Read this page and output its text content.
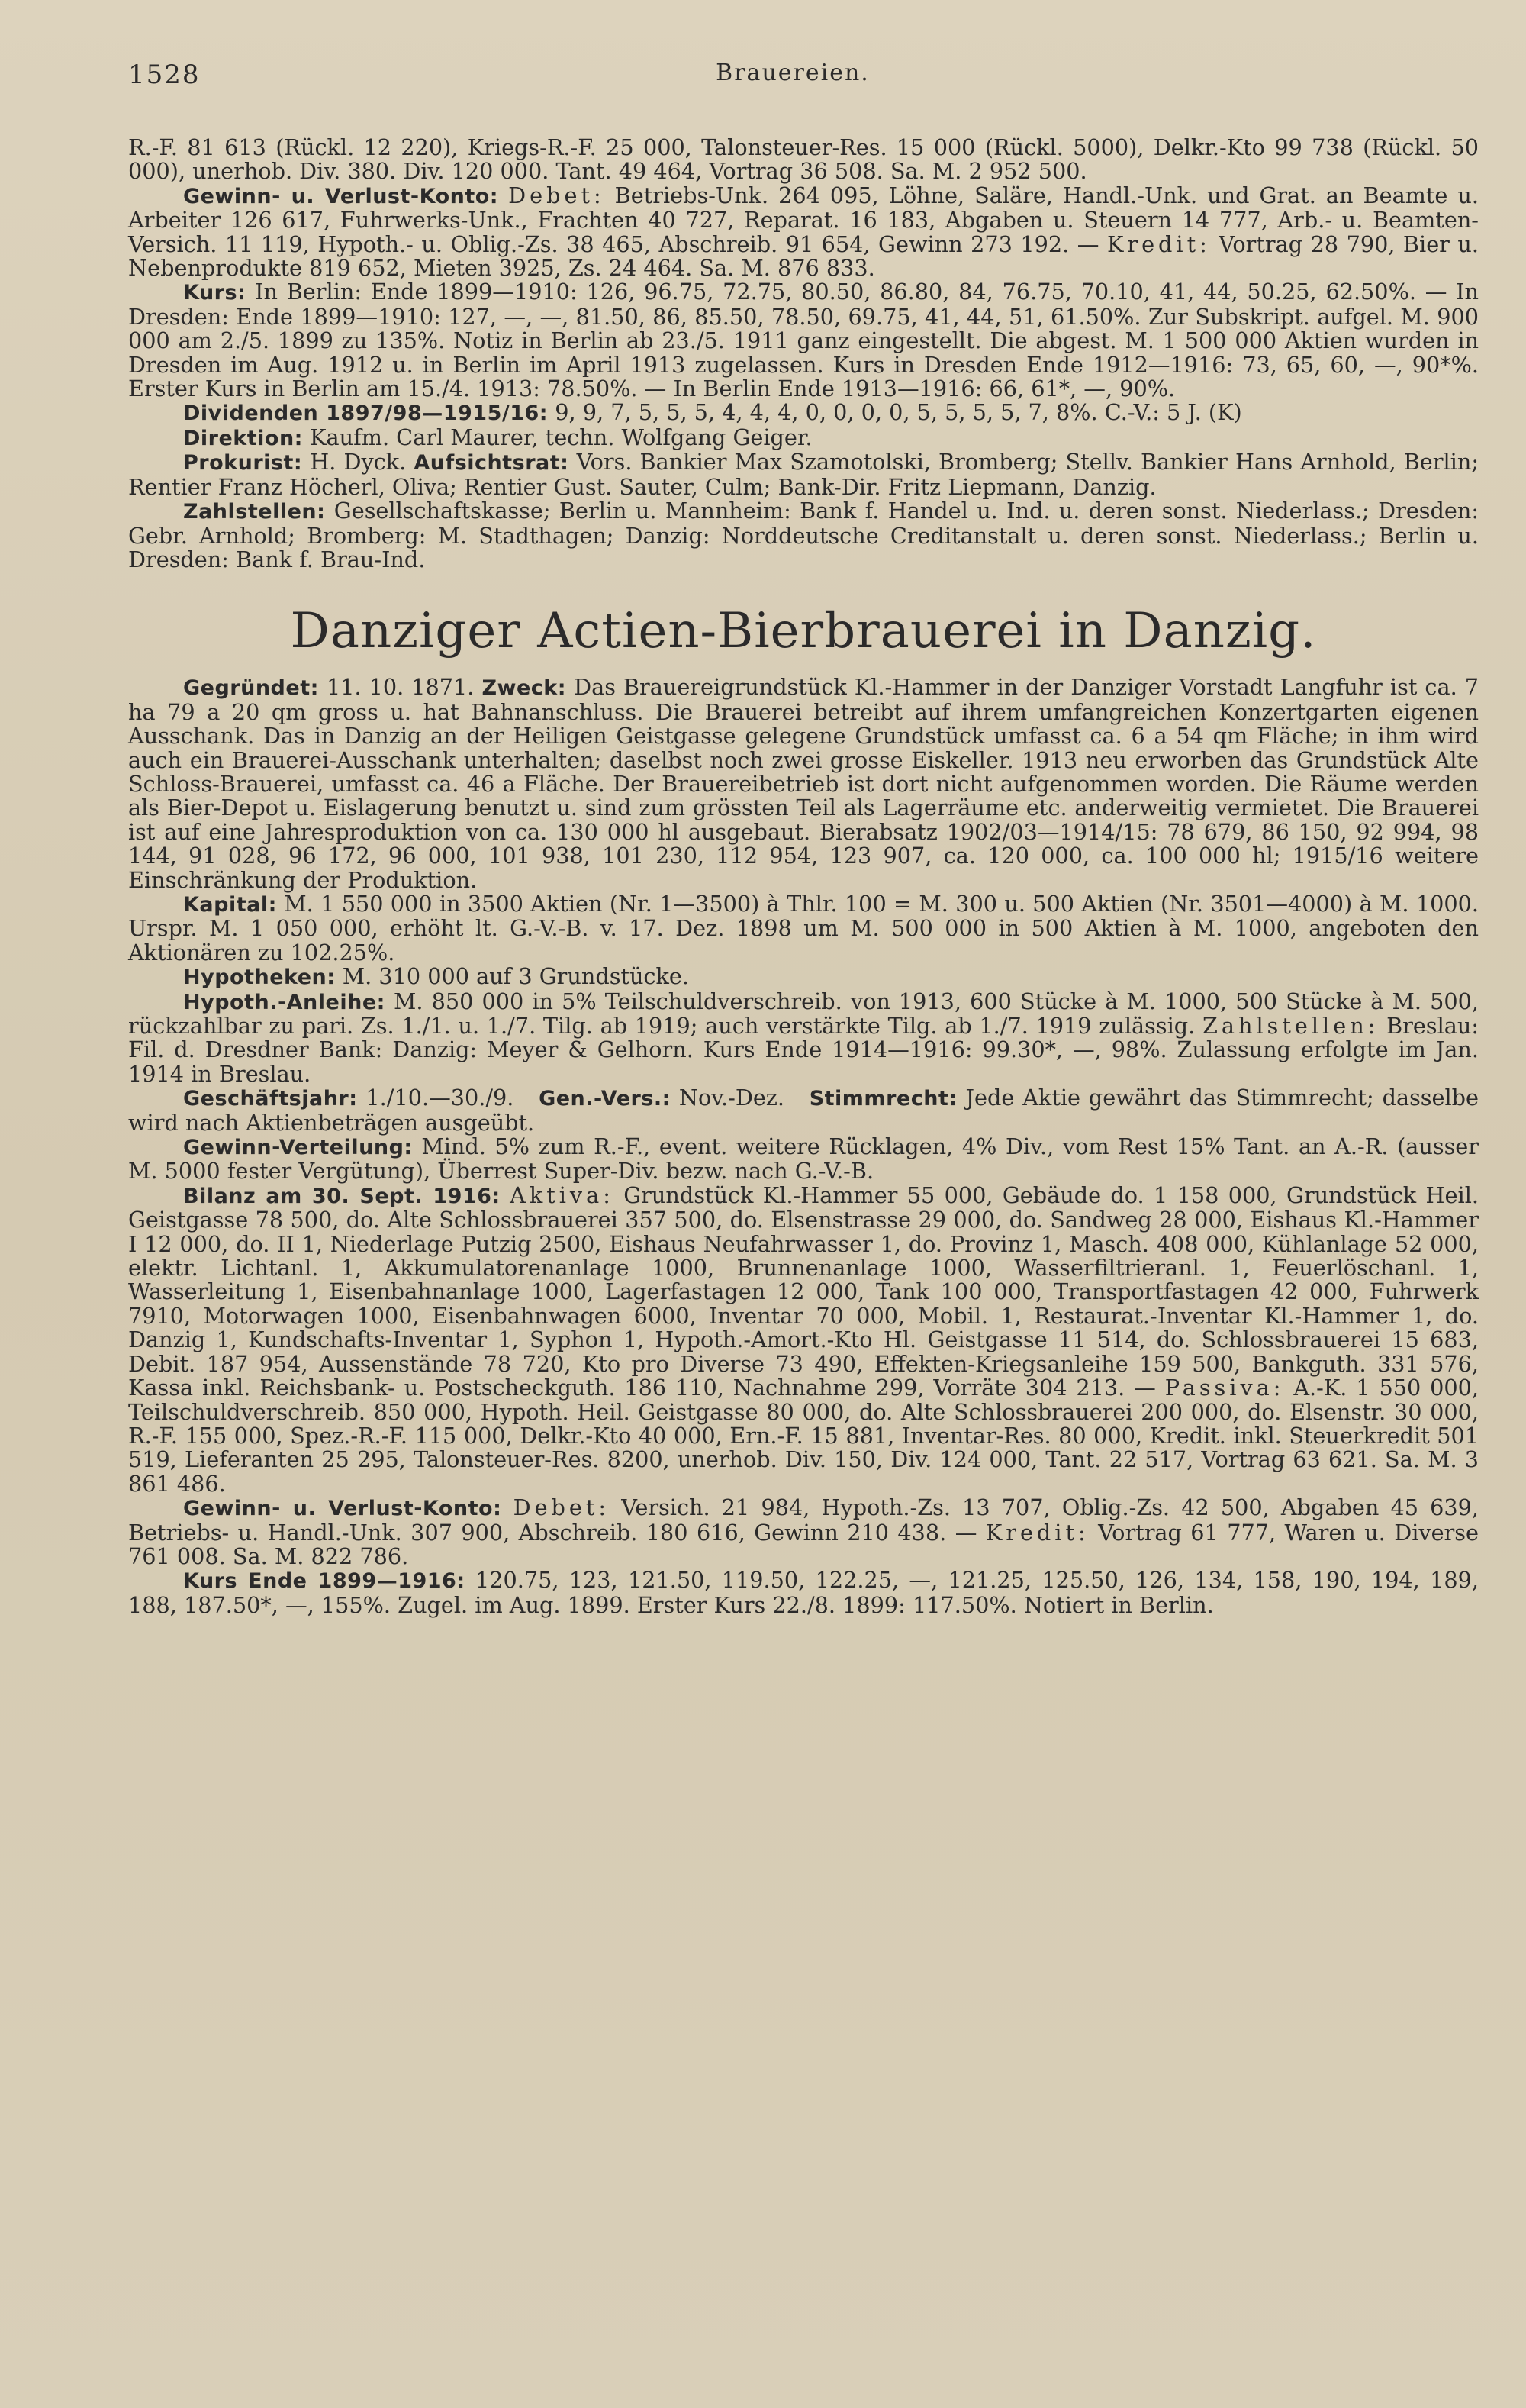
1528	Brauereien.

R.-F. 81 613 (Rückl. 12 220), Kriegs-R.-F. 25 000, Talonsteuer-Res. 15 000 (Rückl. 5000), Delkr.-Kto 99 738 (Rückl. 50 000), unerhob. Div. 380. Div. 120 000. Tant. 49 464, Vortrag 36 508. Sa. M. 2 952 500.

Gewinn- u. Verlust-Konto: Debet: Betriebs-Unk. 264 095, Löhne, Saläre, Handl.-Unk. und Grat. an Beamte u. Arbeiter 126 617, Fuhrwerks-Unk., Frachten 40 727, Reparat. 16 183, Abgaben u. Steuern 14 777, Arb.- u. Beamten-Versich. 11 119, Hypoth.- u. Oblig.-Zs. 38 465, Abschreib. 91 654, Gewinn 273 192. — Kredit: Vortrag 28 790, Bier u. Nebenprodukte 819 652, Mieten 3925, Zs. 24 464. Sa. M. 876 833.

Kurs: In Berlin: Ende 1899—1910: 126, 96.75, 72.75, 80.50, 86.80, 84, 76.75, 70.10, 41, 44, 50.25, 62.50%. — In Dresden: Ende 1899—1910: 127, —, —, 81.50, 86, 85.50, 78.50, 69.75, 41, 44, 51, 61.50%. Zur Subskript. aufgel. M. 900 000 am 2./5. 1899 zu 135%. Notiz in Berlin ab 23./5. 1911 ganz eingestellt. Die abgest. M. 1 500 000 Aktien wurden in Dresden im Aug. 1912 u. in Berlin im April 1913 zugelassen. Kurs in Dresden Ende 1912—1916: 73, 65, 60, —, 90*%. Erster Kurs in Berlin am 15./4. 1913: 78.50%. — In Berlin Ende 1913—1916: 66, 61*, —, 90%.

Dividenden 1897/98—1915/16: 9, 9, 7, 5, 5, 5, 4, 4, 4, 0, 0, 0, 0, 5, 5, 5, 5, 7, 8%. C.-V.: 5 J. (K)

Direktion: Kaufm. Carl Maurer, techn. Wolfgang Geiger.

Prokurist: H. Dyck. Aufsichtsrat: Vors. Bankier Max Szamotolski, Bromberg; Stellv. Bankier Hans Arnhold, Berlin; Rentier Franz Höcherl, Oliva; Rentier Gust. Sauter, Culm; Bank-Dir. Fritz Liepmann, Danzig.

Zahlstellen: Gesellschaftskasse; Berlin u. Mannheim: Bank f. Handel u. Ind. u. deren sonst. Niederlass.; Dresden: Gebr. Arnhold; Bromberg: M. Stadthagen; Danzig: Norddeutsche Creditanstalt u. deren sonst. Niederlass.; Berlin u. Dresden: Bank f. Brau-Ind.

Danziger Actien-Bierbrauerei in Danzig.

Gegründet: 11. 10. 1871. Zweck: Das Brauereigrundstück Kl.-Hammer in der Danziger Vorstadt Langfuhr ist ca. 7 ha 79 a 20 qm gross u. hat Bahnanschluss. Die Brauerei betreibt auf ihrem umfangreichen Konzertgarten eigenen Ausschank. Das in Danzig an der Heiligen Geistgasse gelegene Grundstück umfasst ca. 6 a 54 qm Fläche; in ihm wird auch ein Brauerei-Ausschank unterhalten; daselbst noch zwei grosse Eiskeller. 1913 neu erworben das Grundstück Alte Schloss-Brauerei, umfasst ca. 46 a Fläche. Der Brauereibetrieb ist dort nicht aufgenommen worden. Die Räume werden als Bier-Depot u. Eislagerung benutzt u. sind zum grössten Teil als Lagerräume etc. anderweitig vermietet. Die Brauerei ist auf eine Jahresproduktion von ca. 130 000 hl ausgebaut. Bierabsatz 1902/03—1914/15: 78 679, 86 150, 92 994, 98 144, 91 028, 96 172, 96 000, 101 938, 101 230, 112 954, 123 907, ca. 120 000, ca. 100 000 hl; 1915/16 weitere Einschränkung der Produktion.

Kapital: M. 1 550 000 in 3500 Aktien (Nr. 1—3500) à Thlr. 100 = M. 300 u. 500 Aktien (Nr. 3501—4000) à M. 1000. Urspr. M. 1 050 000, erhöht lt. G.-V.-B. v. 17. Dez. 1898 um M. 500 000 in 500 Aktien à M. 1000, angeboten den Aktionären zu 102.25%.

Hypotheken: M. 310 000 auf 3 Grundstücke.

Hypoth.-Anleihe: M. 850 000 in 5% Teilschuldverschreib. von 1913, 600 Stücke à M. 1000, 500 Stücke à M. 500, rückzahlbar zu pari. Zs. 1./1. u. 1./7. Tilg. ab 1919; auch verstärkte Tilg. ab 1./7. 1919 zulässig. Zahlstellen: Breslau: Fil. d. Dresdner Bank: Danzig: Meyer & Gelhorn. Kurs Ende 1914—1916: 99.30*, —, 98%. Zulassung erfolgte im Jan. 1914 in Breslau.

Geschäftsjahr: 1./10.—30./9. Gen.-Vers.: Nov.-Dez. Stimmrecht: Jede Aktie gewährt das Stimmrecht; dasselbe wird nach Aktienbeträgen ausgeübt.

Gewinn-Verteilung: Mind. 5% zum R.-F., event. weitere Rücklagen, 4% Div., vom Rest 15% Tant. an A.-R. (ausser M. 5000 fester Vergütung), Überrest Super-Div. bezw. nach G.-V.-B.

Bilanz am 30. Sept. 1916: Aktiva: Grundstück Kl.-Hammer 55 000, Gebäude do. 1 158 000, Grundstück Heil. Geistgasse 78 500, do. Alte Schlossbrauerei 357 500, do. Elsenstrasse 29 000, do. Sandweg 28 000, Eishaus Kl.-Hammer I 12 000, do. II 1, Niederlage Putzig 2500, Eishaus Neufahrwasser 1, do. Provinz 1, Masch. 408 000, Kühlanlage 52 000, elektr. Lichtanl. 1, Akkumulatorenanlage 1000, Brunnenanlage 1000, Wasserfiltrieranl. 1, Feuerlöschanl. 1, Wasserleitung 1, Eisenbahnanlage 1000, Lagerfastagen 12 000, Tank 100 000, Transportfastagen 42 000, Fuhrwerk 7910, Motorwagen 1000, Eisenbahnwagen 6000, Inventar 70 000, Mobil. 1, Restaurat.-Inventar Kl.-Hammer 1, do. Danzig 1, Kundschafts-Inventar 1, Syphon 1, Hypoth.-Amort.-Kto Hl. Geistgasse 11 514, do. Schlossbrauerei 15 683, Debit. 187 954, Aussenstände 78 720, Kto pro Diverse 73 490, Effekten-Kriegsanleihe 159 500, Bankguth. 331 576, Kassa inkl. Reichsbank- u. Postscheckguth. 186 110, Nachnahme 299, Vorräte 304 213. — Passiva: A.-K. 1 550 000, Teilschuldverschreib. 850 000, Hypoth. Heil. Geistgasse 80 000, do. Alte Schlossbrauerei 200 000, do. Elsenstr. 30 000, R.-F. 155 000, Spez.-R.-F. 115 000, Delkr.-Kto 40 000, Ern.-F. 15 881, Inventar-Res. 80 000, Kredit. inkl. Steuerkredit 501 519, Lieferanten 25 295, Talonsteuer-Res. 8200, unerhob. Div. 150, Div. 124 000, Tant. 22 517, Vortrag 63 621. Sa. M. 3 861 486.

Gewinn- u. Verlust-Konto: Debet: Versich. 21 984, Hypoth.-Zs. 13 707, Oblig.-Zs. 42 500, Abgaben 45 639, Betriebs- u. Handl.-Unk. 307 900, Abschreib. 180 616, Gewinn 210 438. — Kredit: Vortrag 61 777, Waren u. Diverse 761 008. Sa. M. 822 786.

Kurs Ende 1899—1916: 120.75, 123, 121.50, 119.50, 122.25, —, 121.25, 125.50, 126, 134, 158, 190, 194, 189, 188, 187.50*, —, 155%. Zugel. im Aug. 1899. Erster Kurs 22./8. 1899: 117.50%. Notiert in Berlin.
